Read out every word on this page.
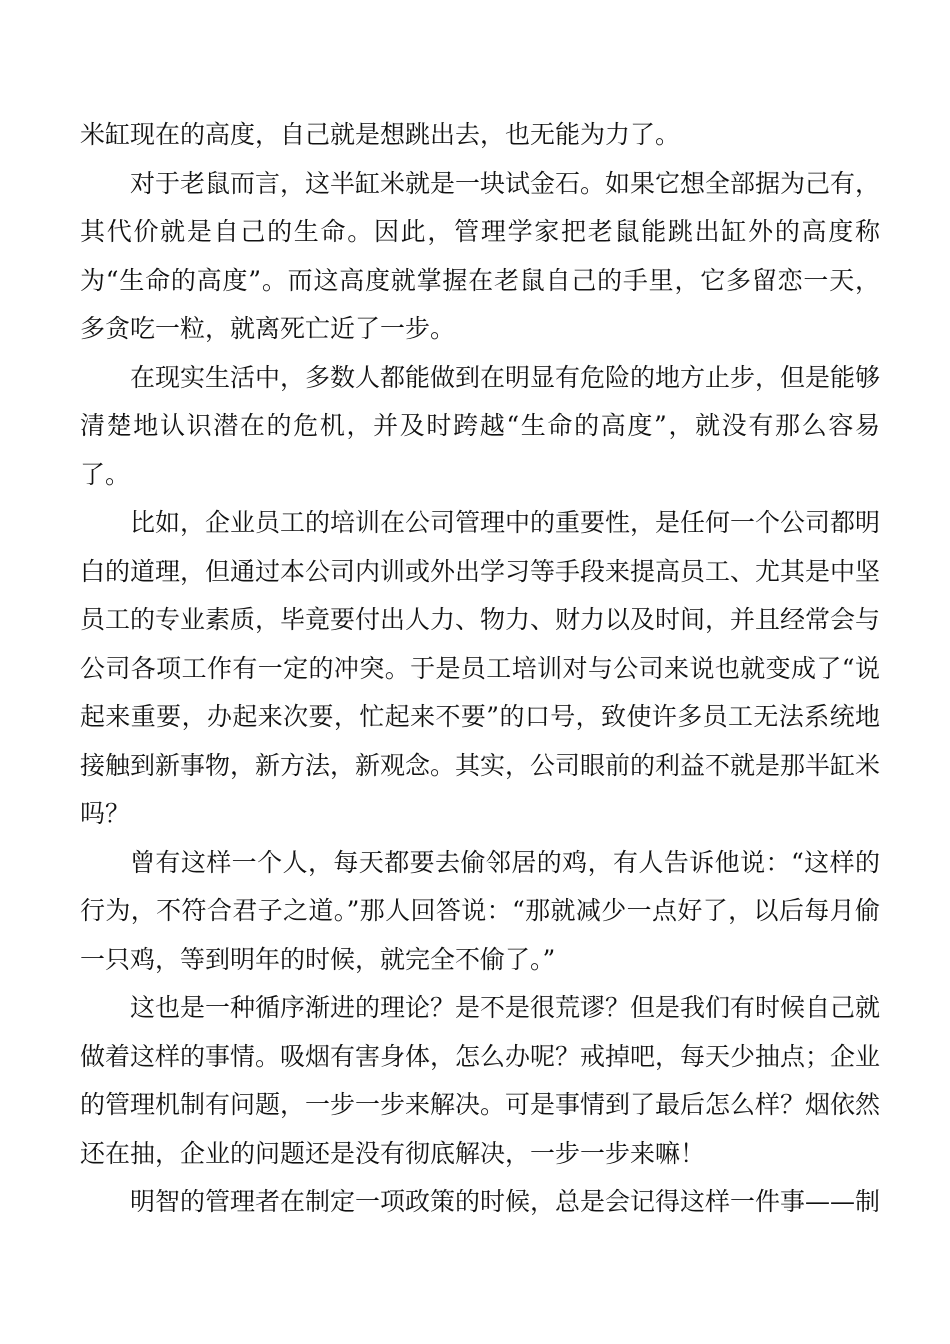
米缸现在的高度，自己就是想跳出去，也无能为力了。

对于老鼠而言，这半缸米就是一块试金石。如果它想全部据为己有，其代价就是自己的生命。因此，管理学家把老鼠能跳出缸外的高度称为“生命的高度”。而这高度就掌握在老鼠自己的手里，它多留恋一天，多贪吃一粒，就离死亡近了一步。

在现实生活中，多数人都能做到在明显有危险的地方止步，但是能够清楚地认识潜在的危机，并及时跨越“生命的高度”，就没有那么容易了。

比如，企业员工的培训在公司管理中的重要性，是任何一个公司都明白的道理，但通过本公司内训或外出学习等手段来提高员工、尤其是中坚员工的专业素质，毕竟要付出人力、物力、财力以及时间，并且经常会与公司各项工作有一定的冲突。于是员工培训对与公司来说也就变成了“说起来重要，办起来次要，忙起来不要”的口号，致使许多员工无法系统地接触到新事物，新方法，新观念。其实，公司眼前的利益不就是那半缸米吗？

曾有这样一个人，每天都要去偷邻居的鸡，有人告诉他说：“这样的行为，不符合君子之道。”那人回答说：“那就减少一点好了，以后每月偷一只鸡，等到明年的时候，就完全不偷了。”

这也是一种循序渐进的理论？是不是很荒谬？但是我们有时候自己就做着这样的事情。吸烟有害身体，怎么办呢？戒掉吧，每天少抽点；企业的管理机制有问题，一步一步来解决。可是事情到了最后怎么样？烟依然还在抽，企业的问题还是没有彻底解决，一步一步来嘛！

明智的管理者在制定一项政策的时候，总是会记得这样一件事——制
